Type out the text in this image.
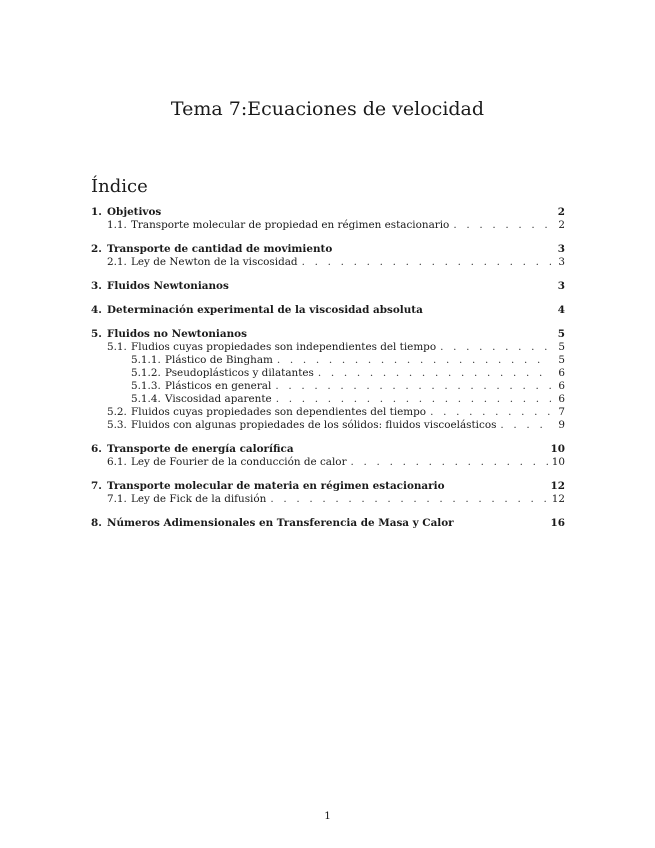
Tema 7:Ecuaciones de velocidad
Índice
1. Objetivos	2
1.1. Transporte molecular de propiedad en régimen estacionario . . .	2
2. Transporte de cantidad de movimiento	3
2.1. Ley de Newton de la viscosidad . . .	3
3. Fluidos Newtonianos	3
4. Determinación experimental de la viscosidad absoluta	4
5. Fluidos no Newtonianos	5
5.1. Fludios cuyas propiedades son independientes del tiempo . . .	5
5.1.1. Plástico de Bingham . . .	5
5.1.2. Pseudoplásticos y dilatantes . . .	6
5.1.3. Plásticos en general . . .	6
5.1.4. Viscosidad aparente . . .	6
5.2. Fluidos cuyas propiedades son dependientes del tiempo . . .	7
5.3. Fluidos con algunas propiedades de los sólidos: fluidos viscoelásticos . . .	9
6. Transporte de energía calorífica	10
6.1. Ley de Fourier de la conducción de calor . . .	10
7. Transporte molecular de materia en régimen estacionario	12
7.1. Ley de Fick de la difusión . . .	12
8. Números Adimensionales en Transferencia de Masa y Calor	16
1
